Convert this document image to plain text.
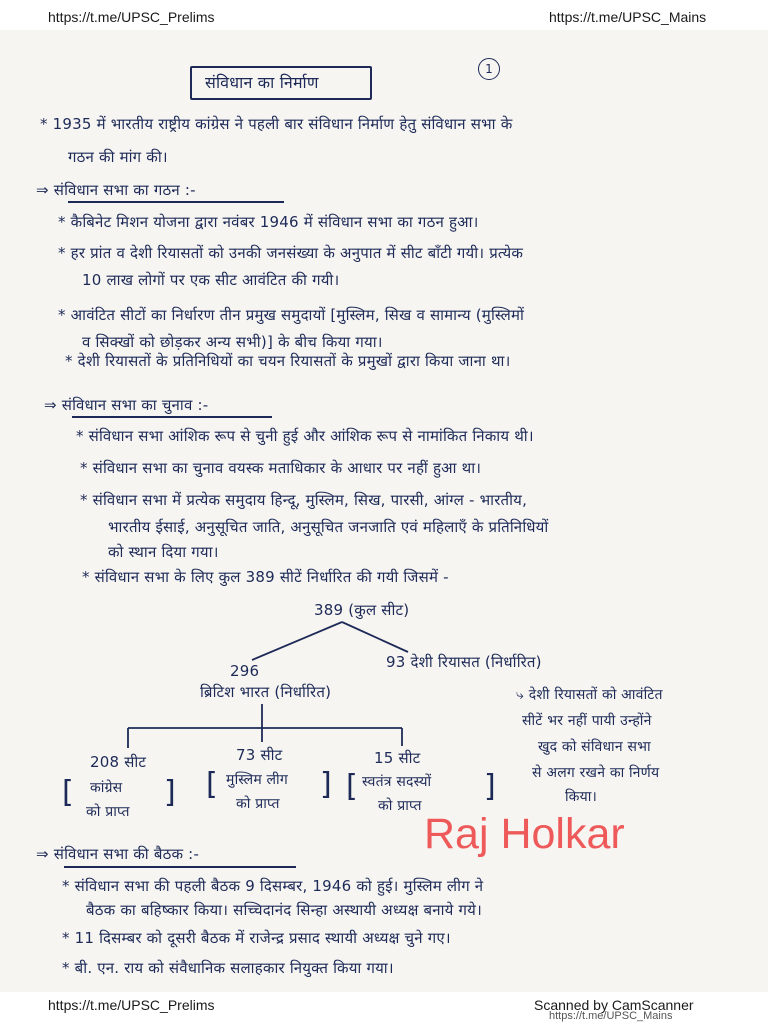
https://t.me/UPSC_Prelims	https://t.me/UPSC_Mains
संविधान का निर्माण
1
* 1935 में भारतीय राष्ट्रीय कांग्रेस ने पहली बार संविधान निर्माण हेतु संविधान सभा के
गठन की मांग की।
⇒ संविधान सभा का गठन :-
* कैबिनेट मिशन योजना द्वारा नवंबर 1946 में संविधान सभा का गठन हुआ।
* हर प्रांत व देशी रियासतों को उनकी जनसंख्या के अनुपात में सीट बाँटी गयी। प्रत्येक
10 लाख लोगों पर एक सीट आवंटित की गयी।
* आवंटित सीटों का निर्धारण तीन प्रमुख समुदायों [मुस्लिम, सिख व सामान्य (मुस्लिमों
व सिक्खों को छोड़कर अन्य सभी)] के बीच किया गया।
* देशी रियासतों के प्रतिनिधियों का चयन रियासतों के प्रमुखों द्वारा किया जाना था।
⇒ संविधान सभा का चुनाव :-
* संविधान सभा आंशिक रूप से चुनी हुई और आंशिक रूप से नामांकित निकाय थी।
* संविधान सभा का चुनाव वयस्क मताधिकार के आधार पर नहीं हुआ था।
* संविधान सभा में प्रत्येक समुदाय हिन्दू, मुस्लिम, सिख, पारसी, आंग्ल - भारतीय,
भारतीय ईसाई, अनुसूचित जाति, अनुसूचित जनजाति एवं महिलाएँ के प्रतिनिधियों
को स्थान दिया गया।
* संविधान सभा के लिए कुल 389 सीटें निर्धारित की गयी जिसमें -
389 (कुल सीट)
296
ब्रिटिश भारत (निर्धारित)
93 देशी रियासत (निर्धारित)
⤷ देशी रियासतों को आवंटित
सीटें भर नहीं पायी उन्होंने
खुद को संविधान सभा
से अलग रखने का निर्णय
किया।
208 सीट
कांग्रेस
को प्राप्त
[	]
73 सीट
मुस्लिम लीग
को प्राप्त
[	]
15 सीट
स्वतंत्र सदस्यों
को प्राप्त
[	]
Raj Holkar
⇒ संविधान सभा की बैठक :-
* संविधान सभा की पहली बैठक 9 दिसम्बर, 1946 को हुई। मुस्लिम लीग ने
बैठक का बहिष्कार किया। सच्चिदानंद सिन्हा अस्थायी अध्यक्ष बनाये गये।
* 11 दिसम्बर को दूसरी बैठक में राजेन्द्र प्रसाद स्थायी अध्यक्ष चुने गए।
* बी. एन. राय को संवैधानिक सलाहकार नियुक्त किया गया।
https://t.me/UPSC_Prelims	Scanned by CamScanner
https://t.me/UPSC_Mains
